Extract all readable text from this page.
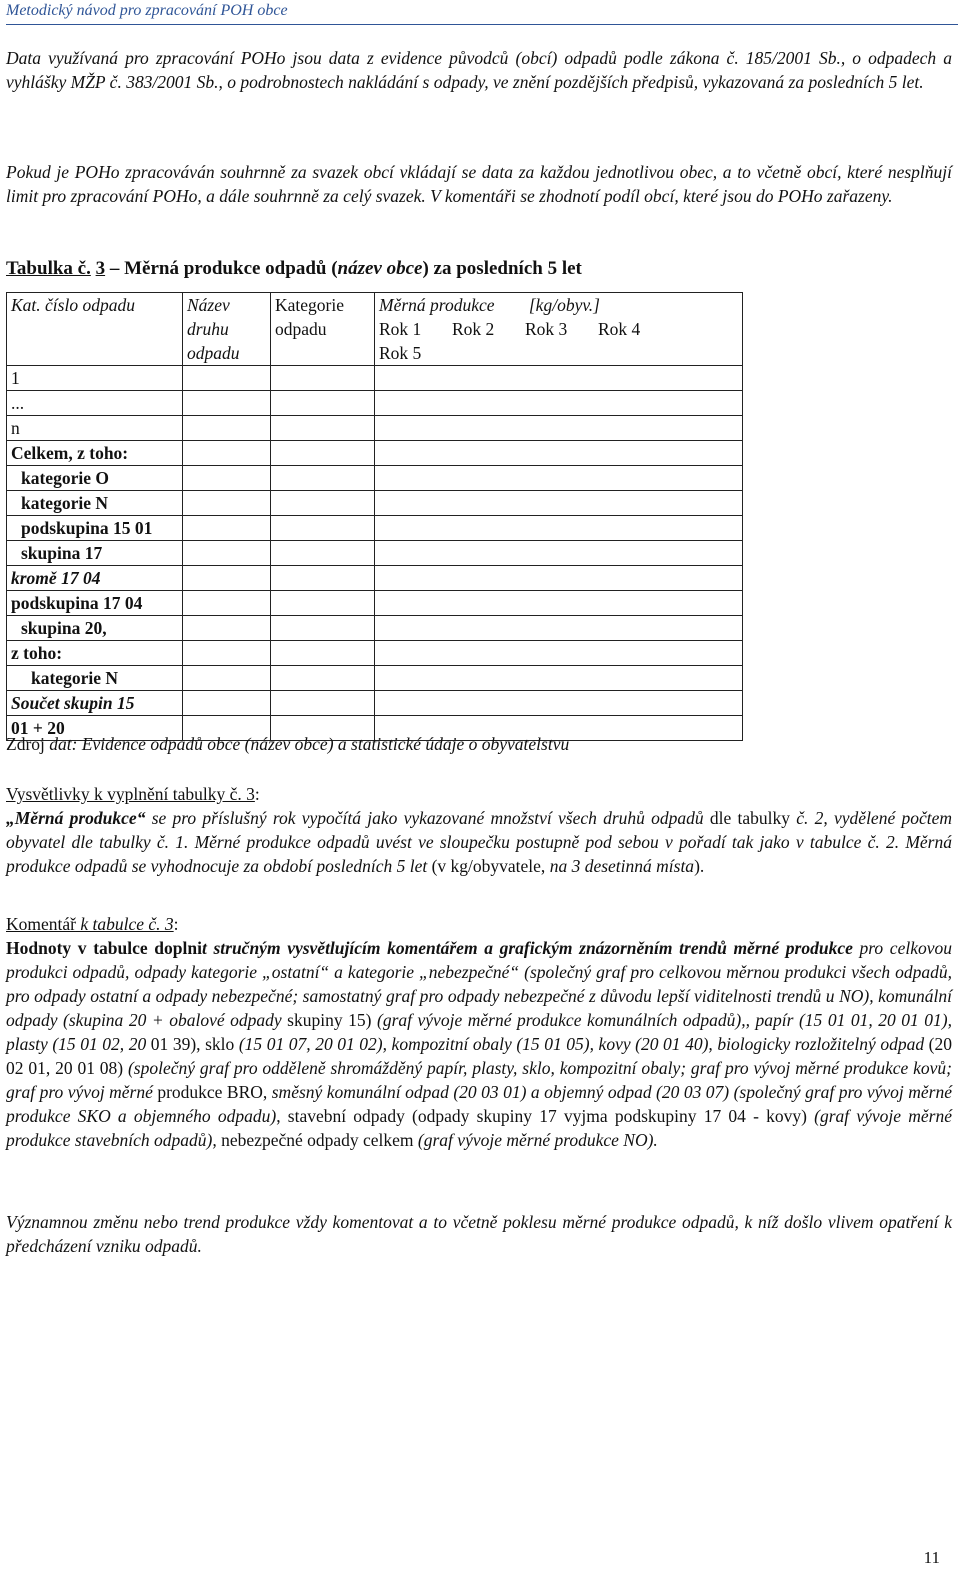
Metodický návod pro zpracování POH obce
Data využívaná pro zpracování POHo jsou data z evidence původců (obcí) odpadů podle zákona č. 185/2001 Sb., o odpadech a vyhlášky MŽP č. 383/2001 Sb., o podrobnostech nakládání s odpady, ve znění pozdějších předpisů, vykazovaná za posledních 5 let.
Pokud je POHo zpracováván souhrnně za svazek obcí vkládají se data za každou jednotlivou obec, a to včetně obcí, které nesplňují limit pro zpracování POHo, a dále souhrnně za celý svazek. V komentáři se zhodnotí podíl obcí, které jsou do POHo zařazeny.
Tabulka č. 3 – Měrná produkce odpadů (název obce) za posledních 5 let
Kat. číslo odpadu	Název druhu odpadu	Kategorie odpadu	Měrná produkce [kg/obyv.]
Rok 1 Rok 2 Rok 3 Rok 4Rok 5

1			
...			
n			
Celkem, z toho:			
kategorie O			
kategorie N			
podskupina 15 01			
skupina 17			
kromě 17 04			
podskupina 17 04			
skupina 20,			
z toho:			
kategorie N			
Součet skupin 15			
01 + 20			
Zdroj dat: Evidence odpadů obce (název obce) a statistické údaje o obyvatelstvu
Vysvětlivky k vyplnění tabulky č. 3:
„Měrná produkce“ se pro příslušný rok vypočítá jako vykazované množství všech druhů odpadů dle tabulky č. 2, vydělené počtem obyvatel dle tabulky č. 1. Měrné produkce odpadů uvést ve sloupečku postupně pod sebou v pořadí tak jako v tabulce č. 2. Měrná produkce odpadů se vyhodnocuje za období posledních 5 let (v kg/obyvatele, na 3 desetinná místa).
Komentář k tabulce č. 3:
Hodnoty v tabulce doplnit stručným vysvětlujícím komentářem a grafickým znázorněním trendů měrné produkce pro celkovou produkci odpadů, odpady kategorie „ostatní“ a kategorie „nebezpečné“ (společný graf pro celkovou měrnou produkci všech odpadů, pro odpady ostatní a odpady nebezpečné; samostatný graf pro odpady nebezpečné z důvodu lepší viditelnosti trendů u NO), komunální odpady (skupina 20 + obalové odpady skupiny 15) (graf vývoje měrné produkce komunálních odpadů),, papír (15 01 01, 20 01 01), plasty (15 01 02, 20 01 39), sklo (15 01 07, 20 01 02), kompozitní obaly (15 01 05), kovy (20 01 40), biologicky rozložitelný odpad (20 02 01, 20 01 08) (společný graf pro odděleně shromážděný papír, plasty, sklo, kompozitní obaly; graf pro vývoj měrné produkce kovů; graf pro vývoj měrné produkce BRO, směsný komunální odpad (20 03 01) a objemný odpad (20 03 07) (společný graf pro vývoj měrné produkce SKO a objemného odpadu), stavební odpady (odpady skupiny 17 vyjma podskupiny 17 04 - kovy) (graf vývoje měrné produkce stavebních odpadů), nebezpečné odpady celkem (graf vývoje měrné produkce NO).
Významnou změnu nebo trend produkce vždy komentovat a to včetně poklesu měrné produkce odpadů, k níž došlo vlivem opatření k předcházení vzniku odpadů.
11
